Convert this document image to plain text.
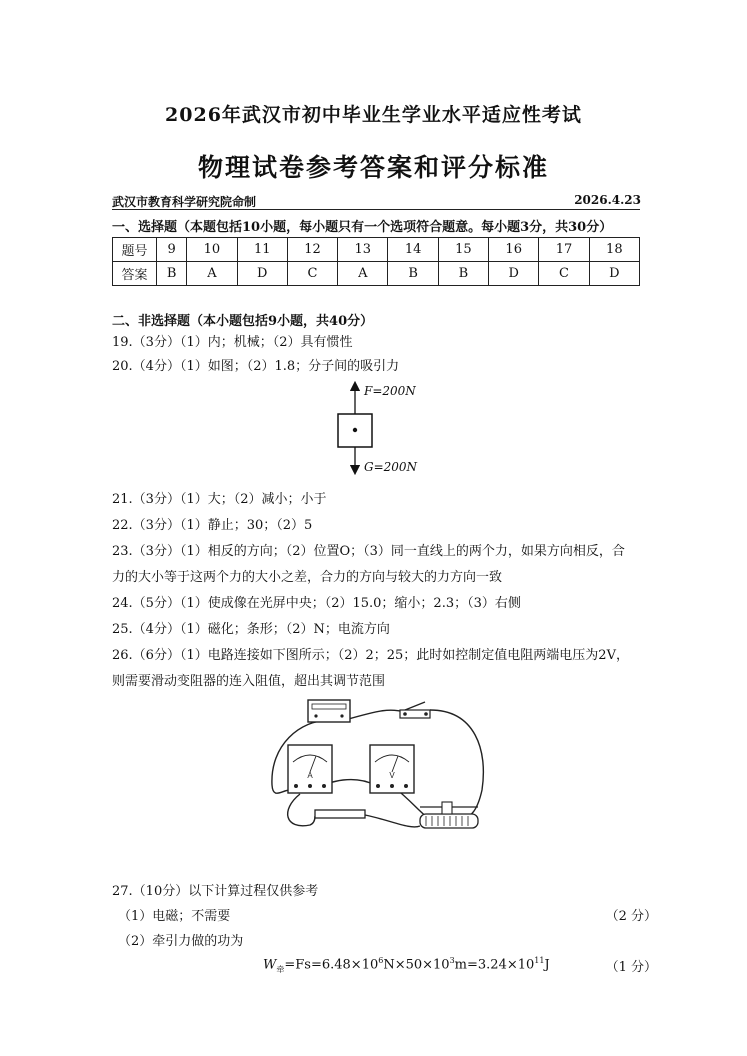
2026年武汉市初中毕业生学业水平适应性考试
物理试卷参考答案和评分标准
武汉市教育科学研究院命制	2026.4.23
一、选择题（本题包括10小题，每小题只有一个选项符合题意。每小题3分，共30分）
题号	9	10	11	12	13	14	15	16	17	18
答案	B	A	D	C	A	B	B	D	C	D
二、非选择题（本小题包括9小题，共40分）
19.（3分）（1）内；机械；（2）具有惯性
20.（4分）（1）如图；（2）1.8；分子间的吸引力
F=200N
G=200N
21.（3分）（1）大；（2）减小；小于
22.（3分）（1）静止；30；（2）5
23.（3分）（1）相反的方向；（2）位置O；（3）同一直线上的两个力，如果方向相反，合
力的大小等于这两个力的大小之差，合力的方向与较大的力方向一致
24.（5分）（1）使成像在光屏中央；（2）15.0；缩小；2.3；（3）右侧
25.（4分）（1）磁化；条形；（2）N；电流方向
26.（6分）（1）电路连接如下图所示；（2）2；25；此时如控制定值电阻两端电压为2V，
则需要滑动变阻器的连入阻值，超出其调节范围
A	V
27.（10分）以下计算过程仅供参考
（1）电磁；不需要	（2 分）
（2）牵引力做的功为
$W_牵=Fs=6.48\times 10^6N\times 50\times 10^3m=3.24\times 10^{11}J$	（1 分）
